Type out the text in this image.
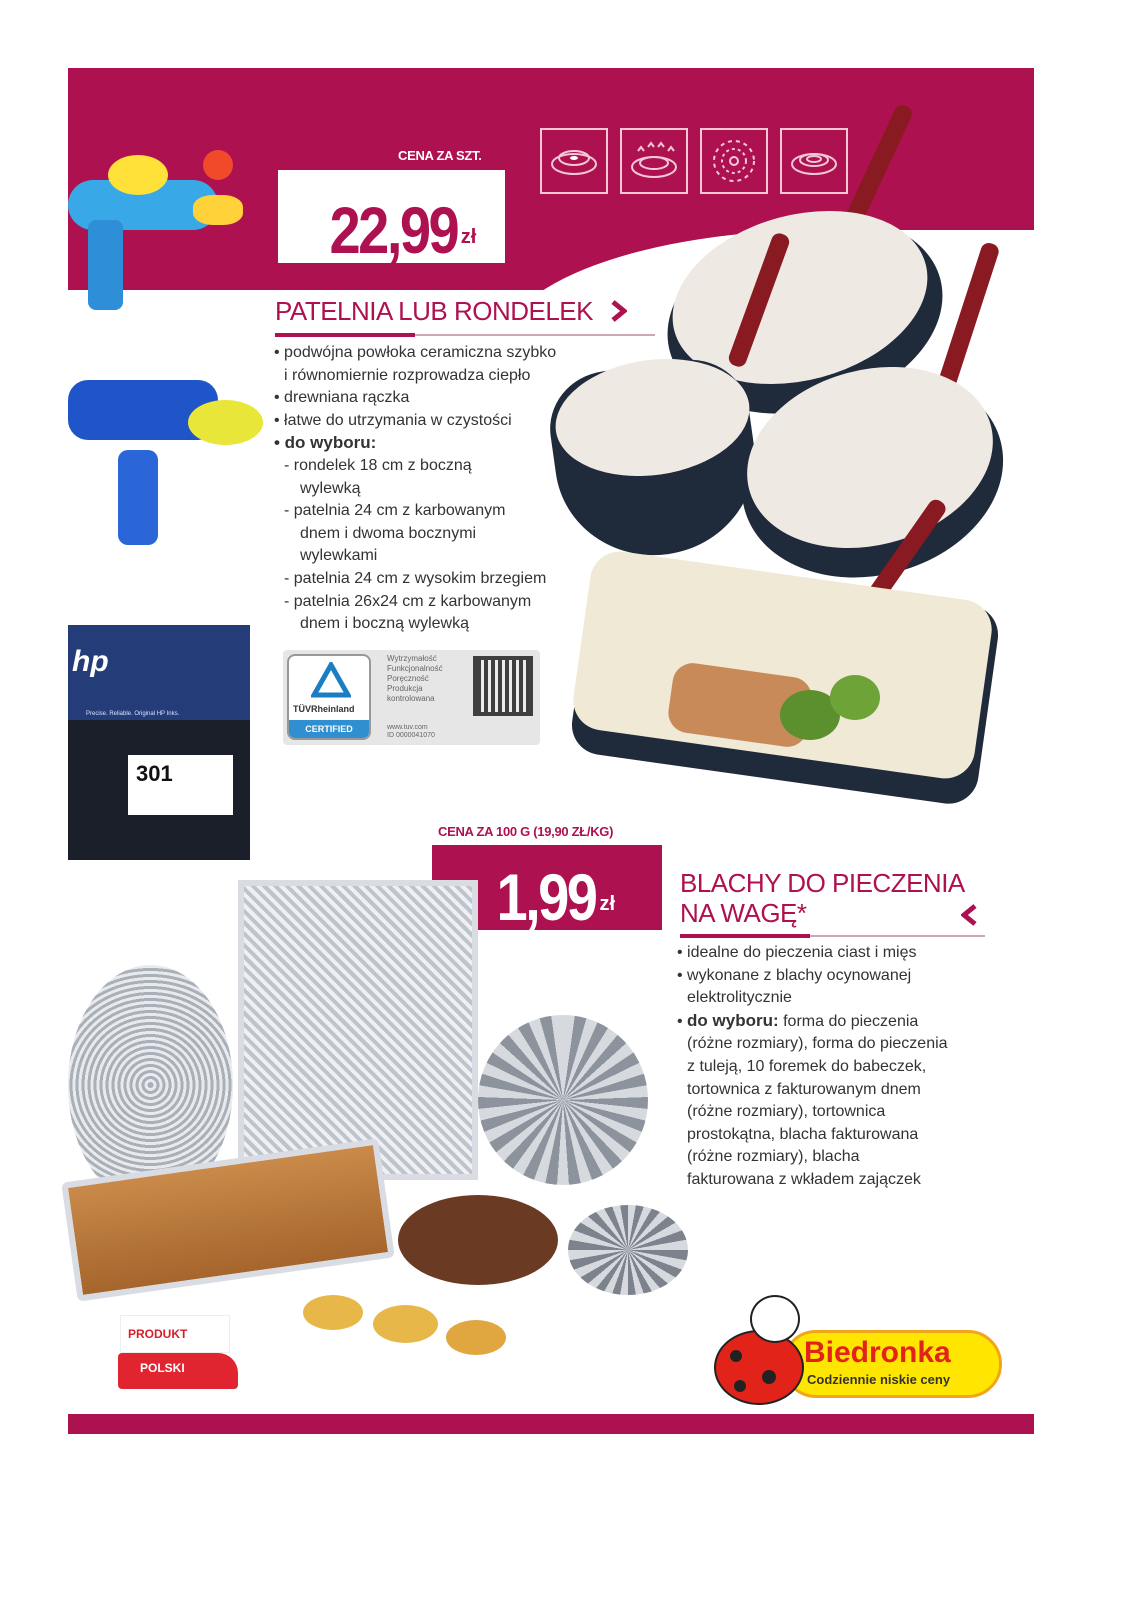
hp
Precise. Reliable. Original HP Inks.
301
CENA ZA SZT.
22,99 zł
PATELNIA LUB RONDELEK
• podwójna powłoka ceramiczna szybko
i równomiernie rozprowadza ciepło
• drewniana rączka
• łatwe do utrzymania w czystości
• do wyboru:
- rondelek 18 cm z boczną
wylewką
- patelnia 24 cm z karbowanym
dnem i dwoma bocznymi
wylewkami
- patelnia 24 cm z wysokim brzegiem
- patelnia 26x24 cm z karbowanym
dnem i boczną wylewką
TÜVRheinland
CERTIFIED
Wytrzymałość
Funkcjonalność
Poręczność
Produkcja
kontrolowana
www.tuv.com
ID 0000041070
CENA ZA 100 G (19,90 ZŁ/KG)
1,99 zł
BLACHY DO PIECZENIA
NA WAGĘ*
• idealne do pieczenia ciast i mięs
• wykonane z blachy ocynowanej
elektrolitycznie
• do wyboru: forma do pieczenia
(różne rozmiary), forma do pieczenia
z tuleją, 10 foremek do babeczek,
tortownica z fakturowanym dnem
(różne rozmiary), tortownica
prostokątna, blacha fakturowana
(różne rozmiary), blacha
fakturowana z wkładem zajączek
PRODUKT
POLSKI	Biedronka
Codziennie niskie ceny
